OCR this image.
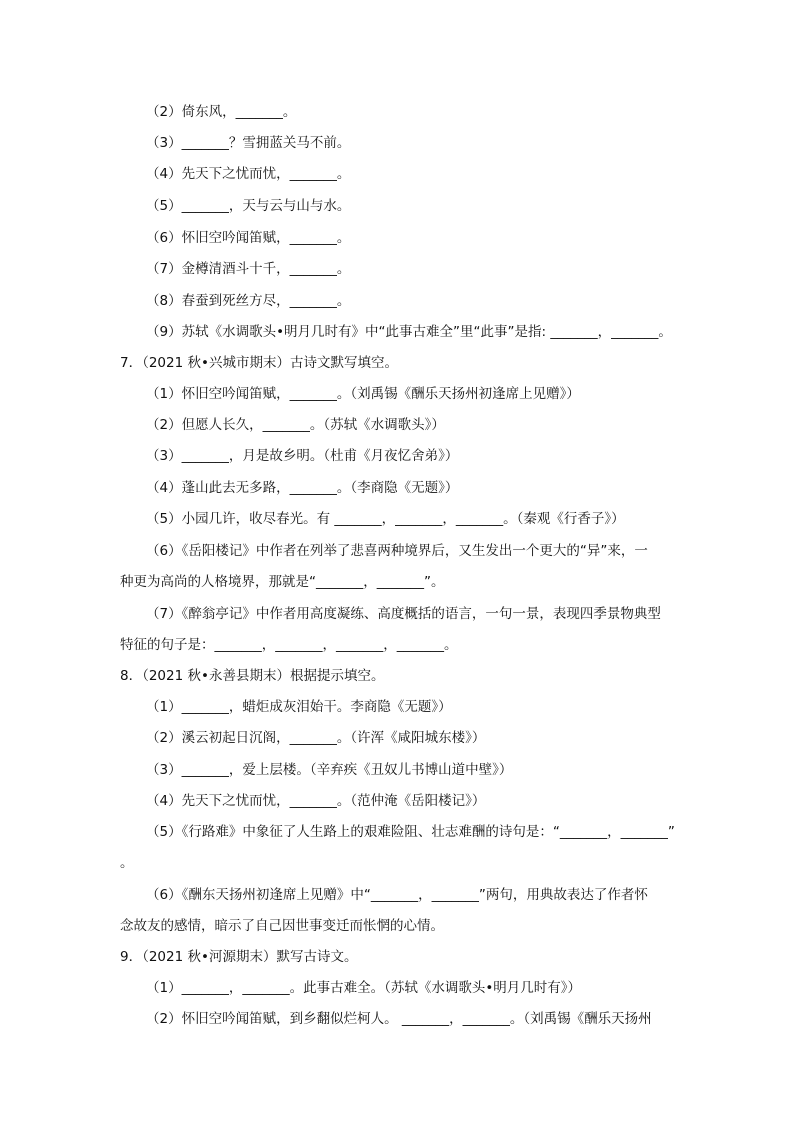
（2）倚东风，_______。
（3）_______？雪拥蓝关马不前。
（4）先天下之忧而忧，_______。
（5）_______，天与云与山与水。
（6）怀旧空吟闻笛赋，_______。
（7）金樽清酒斗十千，_______。
（8）春蚕到死丝方尽，_______。
（9）苏轼《水调歌头•明月几时有》中“此事古难全”里“此事”是指: _______，_______。
7．（2021 秋•兴城市期末）古诗文默写填空。
（1）怀旧空吟闻笛赋，_______。（刘禹锡《酬乐天扬州初逢席上见赠》）
（2）但愿人长久，_______。（苏轼《水调歌头》）
（3）_______，月是故乡明。（杜甫《月夜忆舍弟》）
（4）蓬山此去无多路，_______。（李商隐《无题》）
（5）小园几许，收尽春光。有 _______，_______，_______。（秦观《行香子》）
（6）《岳阳楼记》中作者在列举了悲喜两种境界后，又生发出一个更大的“异”来，一
种更为高尚的人格境界，那就是“_______，_______”。
（7）《醉翁亭记》中作者用高度凝练、高度概括的语言，一句一景，表现四季景物典型
特征的句子是：_______，_______，_______，_______。
8．（2021 秋•永善县期末）根据提示填空。
（1）_______，蜡炬成灰泪始干。李商隐《无题》）
（2）溪云初起日沉阁，_______。（许浑《咸阳城东楼》）
（3）_______，爱上层楼。（辛弃疾《丑奴儿书博山道中壁》）
（4）先天下之忧而忧，_______。（范仲淹《岳阳楼记》）
（5）《行路难》中象征了人生路上的艰难险阻、壮志难酬的诗句是：“_______，_______”
。
（6）《酬东天扬州初逢席上见赠》中“_______，_______”两句，用典故表达了作者怀
念故友的感情，暗示了自己因世事变迁而怅惘的心情。
9．（2021 秋•河源期末）默写古诗文。
（1）_______，_______。此事古难全。（苏轼《水调歌头•明月几时有》）
（2）怀旧空吟闻笛赋，到乡翻似烂柯人。 _______，_______。（刘禹锡《酬乐天扬州
